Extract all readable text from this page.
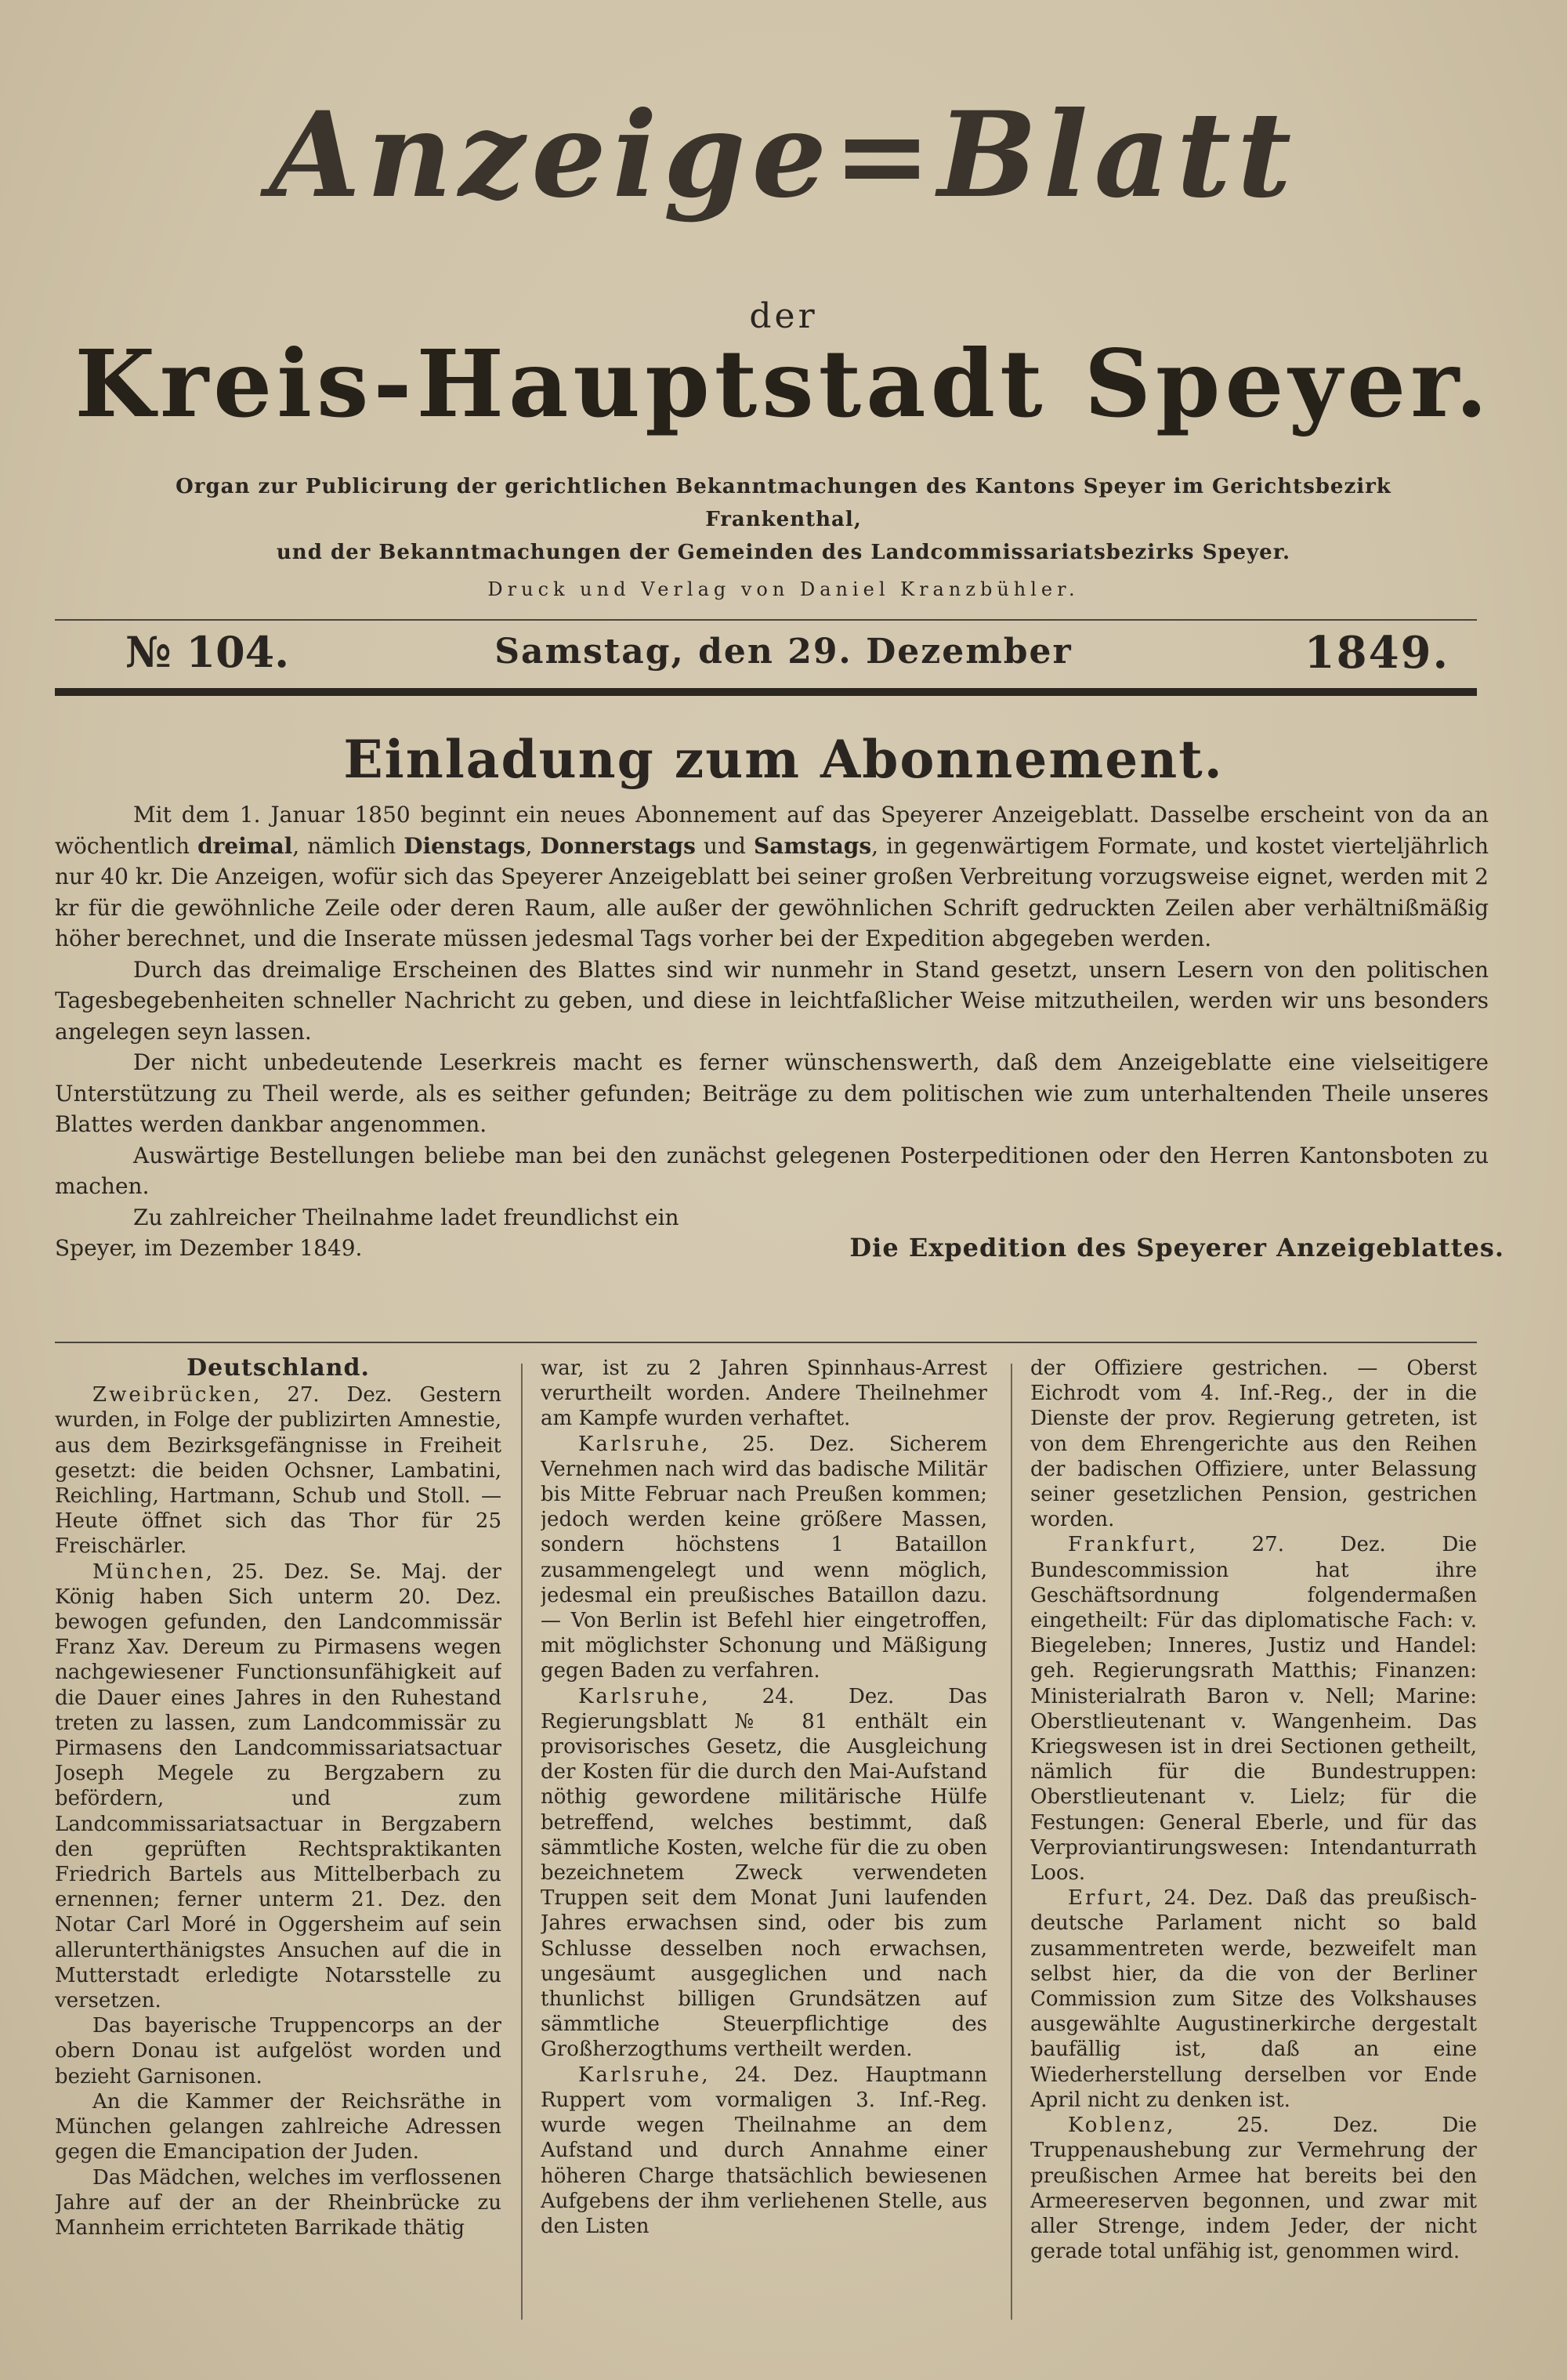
Anzeige=Blatt
der
Kreis-Hauptstadt Speyer.
Organ zur Publicirung der gerichtlichen Bekanntmachungen des Kantons Speyer im Gerichtsbezirk Frankenthal,
und der Bekanntmachungen der Gemeinden des Landcommissariatsbezirks Speyer.
Druck und Verlag von Daniel Kranzbühler.
№ 104.	Samstag, den 29. Dezember	1849.
Einladung zum Abonnement.

Mit dem 1. Januar 1850 beginnt ein neues Abonnement auf das Speyerer Anzeigeblatt. Dasselbe erscheint von da an wöchentlich dreimal, nämlich Dienstags, Donnerstags und Samstags, in gegenwärtigem Formate, und kostet vierteljährlich nur 40 kr. Die Anzeigen, wofür sich das Speyerer Anzeigeblatt bei seiner großen Verbreitung vorzugsweise eignet, werden mit 2 kr für die gewöhnliche Zeile oder deren Raum, alle außer der gewöhnlichen Schrift gedruckten Zeilen aber verhältnißmäßig höher berechnet, und die Inserate müssen jedesmal Tags vorher bei der Expedition abgegeben werden.

Durch das dreimalige Erscheinen des Blattes sind wir nunmehr in Stand gesetzt, unsern Lesern von den politischen Tagesbegebenheiten schneller Nachricht zu geben, und diese in leichtfaßlicher Weise mitzutheilen, werden wir uns besonders angelegen seyn lassen.

Der nicht unbedeutende Leserkreis macht es ferner wünschenswerth, daß dem Anzeigeblatte eine vielseitigere Unterstützung zu Theil werde, als es seither gefunden; Beiträge zu dem politischen wie zum unterhaltenden Theile unseres Blattes werden dankbar angenommen.

Auswärtige Bestellungen beliebe man bei den zunächst gelegenen Posterpeditionen oder den Herren Kantonsboten zu machen.

Zu zahlreicher Theilnahme ladet freundlichst ein

Speyer, im Dezember 1849.	Die Expedition des Speyerer Anzeigeblattes.
Deutschland.

Zweibrücken, 27. Dez. Gestern wurden, in Folge der publizirten Amnestie, aus dem Bezirksgefängnisse in Freiheit gesetzt: die beiden Ochsner, Lambatini, Reichling, Hartmann, Schub und Stoll. — Heute öffnet sich das Thor für 25 Freischärler.

München, 25. Dez. Se. Maj. der König haben Sich unterm 20. Dez. bewogen gefunden, den Landcommissär Franz Xav. Dereum zu Pirmasens wegen nachgewiesener Functionsunfähigkeit auf die Dauer eines Jahres in den Ruhestand treten zu lassen, zum Landcommissär zu Pirmasens den Landcommissariatsactuar Joseph Megele zu Bergzabern zu befördern, und zum Landcommissariatsactuar in Bergzabern den geprüften Rechtspraktikanten Friedrich Bartels aus Mittelberbach zu ernennen; ferner unterm 21. Dez. den Notar Carl Moré in Oggersheim auf sein allerunterthänigstes Ansuchen auf die in Mutterstadt erledigte Notarsstelle zu versetzen.

Das bayerische Truppencorps an der obern Donau ist aufgelöst worden und bezieht Garnisonen.

An die Kammer der Reichsräthe in München gelangen zahlreiche Adressen gegen die Emancipation der Juden.

Das Mädchen, welches im verflossenen Jahre auf der an der Rheinbrücke zu Mannheim errichteten Barrikade thätig

war, ist zu 2 Jahren Spinnhaus-Arrest verurtheilt worden. Andere Theilnehmer am Kampfe wurden verhaftet.

Karlsruhe, 25. Dez. Sicherem Vernehmen nach wird das badische Militär bis Mitte Februar nach Preußen kommen; jedoch werden keine größere Massen, sondern höchstens 1 Bataillon zusammengelegt und wenn möglich, jedesmal ein preußisches Bataillon dazu. — Von Berlin ist Befehl hier eingetroffen, mit möglichster Schonung und Mäßigung gegen Baden zu verfahren.

Karlsruhe, 24. Dez. Das Regierungsblatt № 81 enthält ein provisorisches Gesetz, die Ausgleichung der Kosten für die durch den Mai-Aufstand nöthig gewordene militärische Hülfe betreffend, welches bestimmt, daß sämmtliche Kosten, welche für die zu oben bezeichnetem Zweck verwendeten Truppen seit dem Monat Juni laufenden Jahres erwachsen sind, oder bis zum Schlusse desselben noch erwachsen, ungesäumt ausgeglichen und nach thunlichst billigen Grundsätzen auf sämmtliche Steuerpflichtige des Großherzogthums vertheilt werden.

Karlsruhe, 24. Dez. Hauptmann Ruppert vom vormaligen 3. Inf.-Reg. wurde wegen Theilnahme an dem Aufstand und durch Annahme einer höheren Charge thatsächlich bewiesenen Aufgebens der ihm verliehenen Stelle, aus den Listen

der Offiziere gestrichen. — Oberst Eichrodt vom 4. Inf.-Reg., der in die Dienste der prov. Regierung getreten, ist von dem Ehrengerichte aus den Reihen der badischen Offiziere, unter Belassung seiner gesetzlichen Pension, gestrichen worden.

Frankfurt, 27. Dez. Die Bundescommission hat ihre Geschäftsordnung folgendermaßen eingetheilt: Für das diplomatische Fach: v. Biegeleben; Inneres, Justiz und Handel: geh. Regierungsrath Matthis; Finanzen: Ministerialrath Baron v. Nell; Marine: Oberstlieutenant v. Wangenheim. Das Kriegswesen ist in drei Sectionen getheilt, nämlich für die Bundestruppen: Oberstlieutenant v. Lielz; für die Festungen: General Eberle, und für das Verproviantirungswesen: Intendanturrath Loos.

Erfurt, 24. Dez. Daß das preußisch-deutsche Parlament nicht so bald zusammentreten werde, bezweifelt man selbst hier, da die von der Berliner Commission zum Sitze des Volkshauses ausgewählte Augustinerkirche dergestalt baufällig ist, daß an eine Wiederherstellung derselben vor Ende April nicht zu denken ist.

Koblenz, 25. Dez. Die Truppenaushebung zur Vermehrung der preußischen Armee hat bereits bei den Armeereserven begonnen, und zwar mit aller Strenge, indem Jeder, der nicht gerade total unfähig ist, genommen wird.
